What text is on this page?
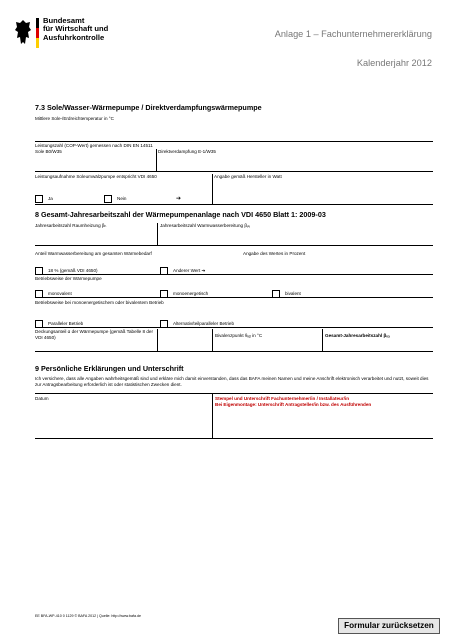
Bundesamt
für Wirtschaft und
Ausfuhrkontrolle	Anlage 1 – Fachunternehmererklärung
Kalenderjahr 2012
7.3 Sole/Wasser-Wärmepumpe / Direktverdampfungswärmepumpe
Mittlere Sole-/Erdreichtemperatur in °C
Leistungszahl (COP-Wert) gemessen nach DIN EN 14511
Sole B0/W35	Direktverdampfung E-1/W35
Leistungsaufnahme Soleumwälzpumpe entspricht VDI 4650	Angabe gemäß Hersteller in Watt
Ja	Nein	➔
8 Gesamt-Jahresarbeitszahl der Wärmepumpenanlage nach VDI 4650 Blatt 1: 2009-03
Jahresarbeitszahl Raumheizung βₕ	Jahresarbeitszahl Warmwasserbereitung βᵥᵥ
Anteil Warmwasserbereitung am gesamten Wärmebedarf	Angabe des Wertes in Prozent
18 % (gemäß VDI 4650)	Anderer Wert ➔
Betriebsweise der Wärmepumpe
monovalent	monoenergetisch	bivalent
Betriebsweise bei monoenergetischem oder bivalentem Betrieb
Paralleler Betrieb	Alternativ/teilparalleler Betrieb
Deckungsanteil α der Wärmepumpe (gemäß Tabelle 8 der VDI 4650)	Bivalenzpunkt ϑₑᵦ in °C	Gesamt-Jahresarbeitszahl βᵥₐ
9 Persönliche Erklärungen und Unterschrift
Ich versichere, dass alle Angaben wahrheitsgemäß sind und erkläre mich damit einverstanden, dass das BAFA meinen Namen und meine Anschrift elektronisch verarbeitet und nutzt, soweit dies zur Antragsbearbeitung erforderlich ist oder statistischen Zwecken dient.
Datum	Stempel und Unterschrift Fachunternehmer/in / Installateur/in
Bei Eigenmontage: Unterschrift Antragsteller/in bzw. des Ausführenden
EE BFA-WP-410 0 1129 © BAFA 2012 | Quelle: http://www.bafa.de
Formular zurücksetzen
